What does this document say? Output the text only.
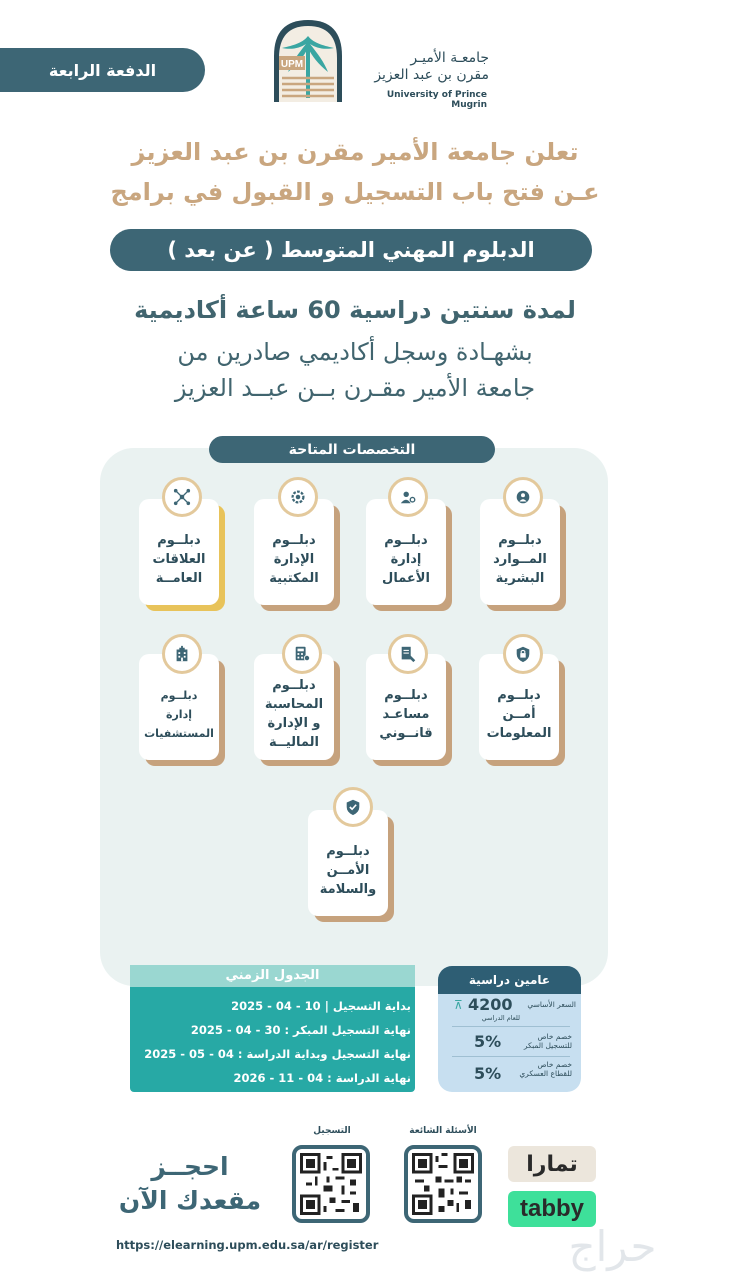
الدفعة الرابعة	UPM	جامعـة الأميـر
مقرن بن عبد العزيز
University of Prince Mugrin
تعلن جامعة الأمير مقرن بن عبد العزيز
عـن فتح باب التسجيل و القبول في برامج
الدبلوم المهني المتوسط ( عن بعد )
لمدة سنتين دراسية 60 ساعة أكاديمية
بشهـادة وسجل أكاديمي صادرين من
جامعة الأمير مقـرن بــن عبــد العزيز
التخصصات المتاحة
دبلــوم
المــوارد
البشرية
دبلــوم
إدارة
الأعمال
دبلــوم
الإدارة
المكتبية
دبلــوم
العلاقات
العامــة
دبلــوم
أمــن
المعلومات
دبلــوم
مساعـد
قانــوني
دبلــوم
المحاسبة
و الإدارة
الماليــة
دبلــوم
إدارة
المستشفيات
دبلــوم
الأمــن
والسلامة
الجدول الزمني
بداية التسجيل | 10 - 04 - 2025
نهاية التسجيل المبكر : 30 - 04 - 2025
نهاية التسجيل وبداية الدراسة : 04 - 05 - 2025
نهاية الدراسة : 04 - 11 - 2026
عامين دراسية
السعر الأساسي
4200
⊼
للعام الدراسي
خصم خاص للتسجيل المبكر
5%
خصم خاص للقطاع العسكري
5%
الأسئلة الشائعة
التسجيل
احجــز
مقعدك الآن
https://elearning.upm.edu.sa/ar/register
تمارا
tabby
حراج
